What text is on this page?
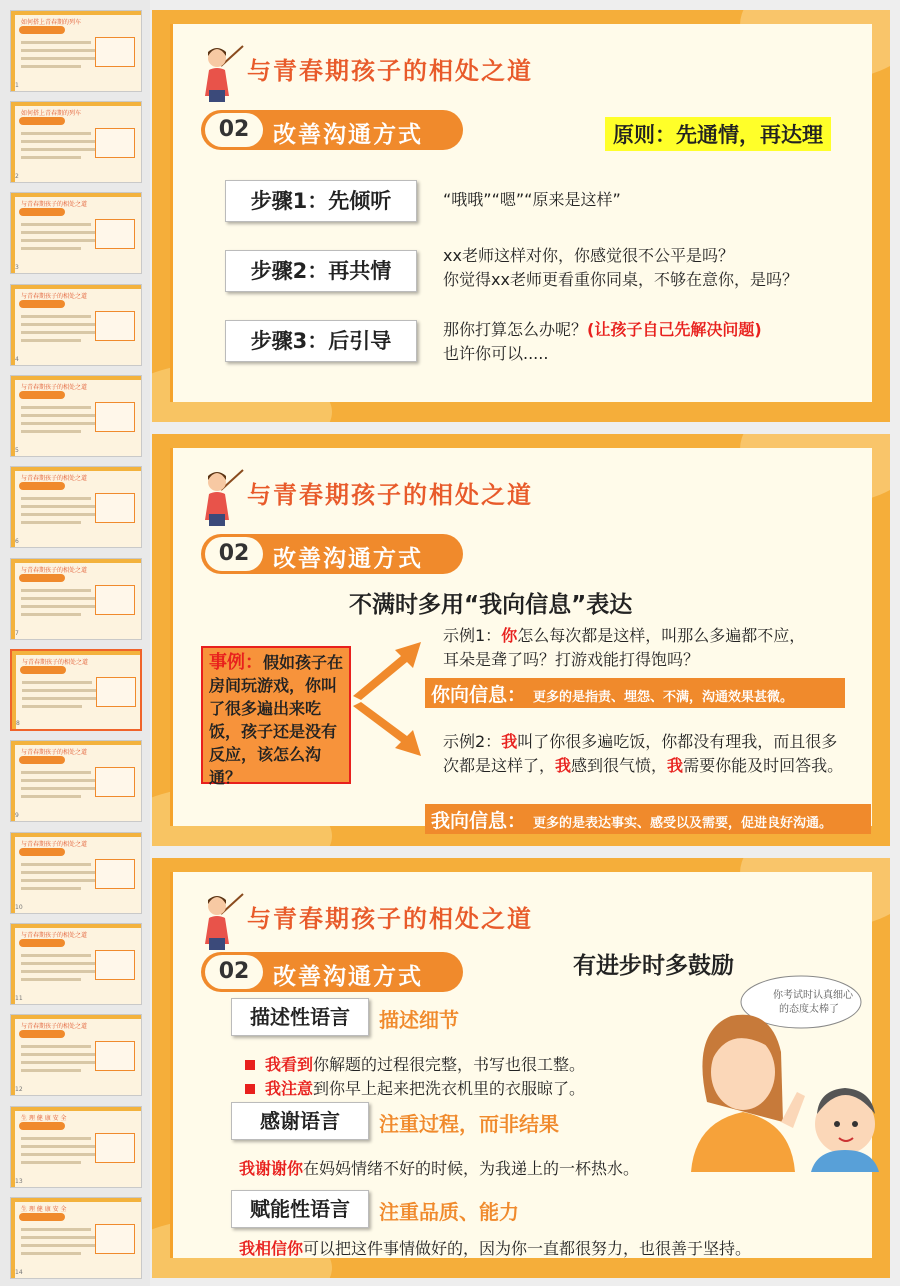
如何搭上青春期的列车
1
如何搭上青春期的列车
2
与青春期孩子的相处之道
3
与青春期孩子的相处之道
4
与青春期孩子的相处之道
5
与青春期孩子的相处之道
6
与青春期孩子的相处之道
7
与青春期孩子的相处之道
8
与青春期孩子的相处之道
9
与青春期孩子的相处之道
10
与青春期孩子的相处之道
11
与青春期孩子的相处之道
12
生 理 健 康 安 全
13
生 理 健 康 安 全
14
与青春期孩子的相处之道
02	改善沟通方式	原则：先通情，再达理
步骤1：先倾听	“哦哦”“嗯”“原来是这样”
步骤2：再共情
xx老师这样对你，你感觉很不公平是吗？
你觉得xx老师更看重你同桌，不够在意你，是吗？
步骤3：后引导	那你打算怎么办呢？(让孩子自己先解决问题)
也许你可以.....
与青春期孩子的相处之道
02	改善沟通方式
不满时多用“我向信息”表达
事例：假如孩子在房间玩游戏，你叫了很多遍出来吃饭，孩子还是没有反应，该怎么沟通？
示例1：你怎么每次都是这样，叫那么多遍都不应，
耳朵是聋了吗？打游戏能打得饱吗？
你向信息： 更多的是指责、埋怨、不满，沟通效果甚微。
示例2：我叫了你很多遍吃饭，你都没有理我，而且很多
次都是这样了，我感到很气愤，我需要你能及时回答我。
我向信息： 更多的是表达事实、感受以及需要，促进良好沟通。
与青春期孩子的相处之道
02	改善沟通方式	有进步时多鼓励
你考试时认真细心
的态度太棒了
描述性语言	描述细节
我看到你解题的过程很完整，书写也很工整。
我注意到你早上起来把洗衣机里的衣服晾了。
感谢语言	注重过程，而非结果
我谢谢你在妈妈情绪不好的时候，为我递上的一杯热水。
赋能性语言	注重品质、能力
我相信你可以把这件事情做好的，因为你一直都很努力，也很善于坚持。
